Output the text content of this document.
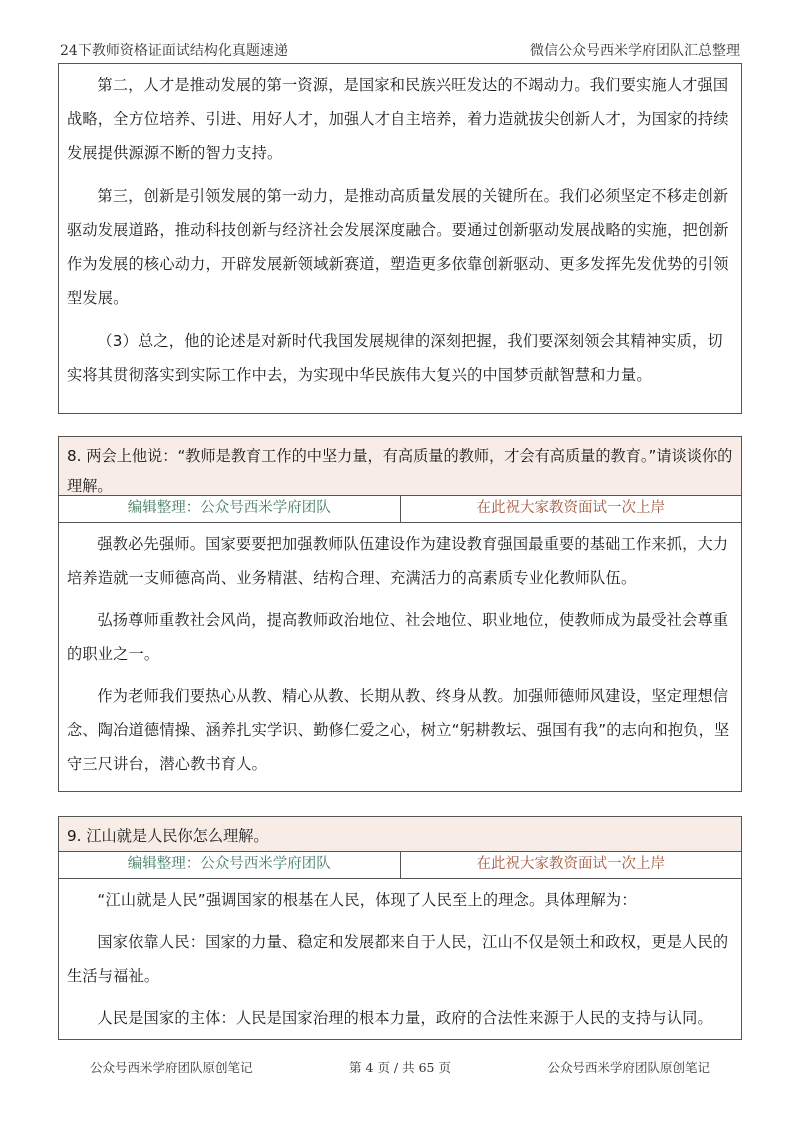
24下教师资格证面试结构化真题速递	微信公众号西米学府团队汇总整理

第二，人才是推动发展的第一资源，是国家和民族兴旺发达的不竭动力。我们要实施人才强国战略，全方位培养、引进、用好人才，加强人才自主培养，着力造就拔尖创新人才，为国家的持续发展提供源源不断的智力支持。

第三，创新是引领发展的第一动力，是推动高质量发展的关键所在。我们必须坚定不移走创新驱动发展道路，推动科技创新与经济社会发展深度融合。要通过创新驱动发展战略的实施，把创新作为发展的核心动力，开辟发展新领域新赛道，塑造更多依靠创新驱动、更多发挥先发优势的引领型发展。

（3）总之，他的论述是对新时代我国发展规律的深刻把握，我们要深刻领会其精神实质，切实将其贯彻落实到实际工作中去，为实现中华民族伟大复兴的中国梦贡献智慧和力量。

8. 两会上他说：“教师是教育工作的中坚力量，有高质量的教师，才会有高质量的教育。”请谈谈你的理解。
编辑整理：公众号西米学府团队	在此祝大家教资面试一次上岸

强教必先强师。国家要要把加强教师队伍建设作为建设教育强国最重要的基础工作来抓，大力培养造就一支师德高尚、业务精湛、结构合理、充满活力的高素质专业化教师队伍。

弘扬尊师重教社会风尚，提高教师政治地位、社会地位、职业地位，使教师成为最受社会尊重的职业之一。

作为老师我们要热心从教、精心从教、长期从教、终身从教。加强师德师风建设，坚定理想信念、陶冶道德情操、涵养扎实学识、勤修仁爱之心，树立“躬耕教坛、强国有我”的志向和抱负，坚守三尺讲台，潜心教书育人。

9. 江山就是人民你怎么理解。
编辑整理：公众号西米学府团队	在此祝大家教资面试一次上岸

“江山就是人民”强调国家的根基在人民，体现了人民至上的理念。具体理解为：

国家依靠人民：国家的力量、稳定和发展都来自于人民，江山不仅是领土和政权，更是人民的生活与福祉。

人民是国家的主体：人民是国家治理的根本力量，政府的合法性来源于人民的支持与认同。

公众号西米学府团队原创笔记	第 4 页 / 共 65 页	公众号西米学府团队原创笔记
